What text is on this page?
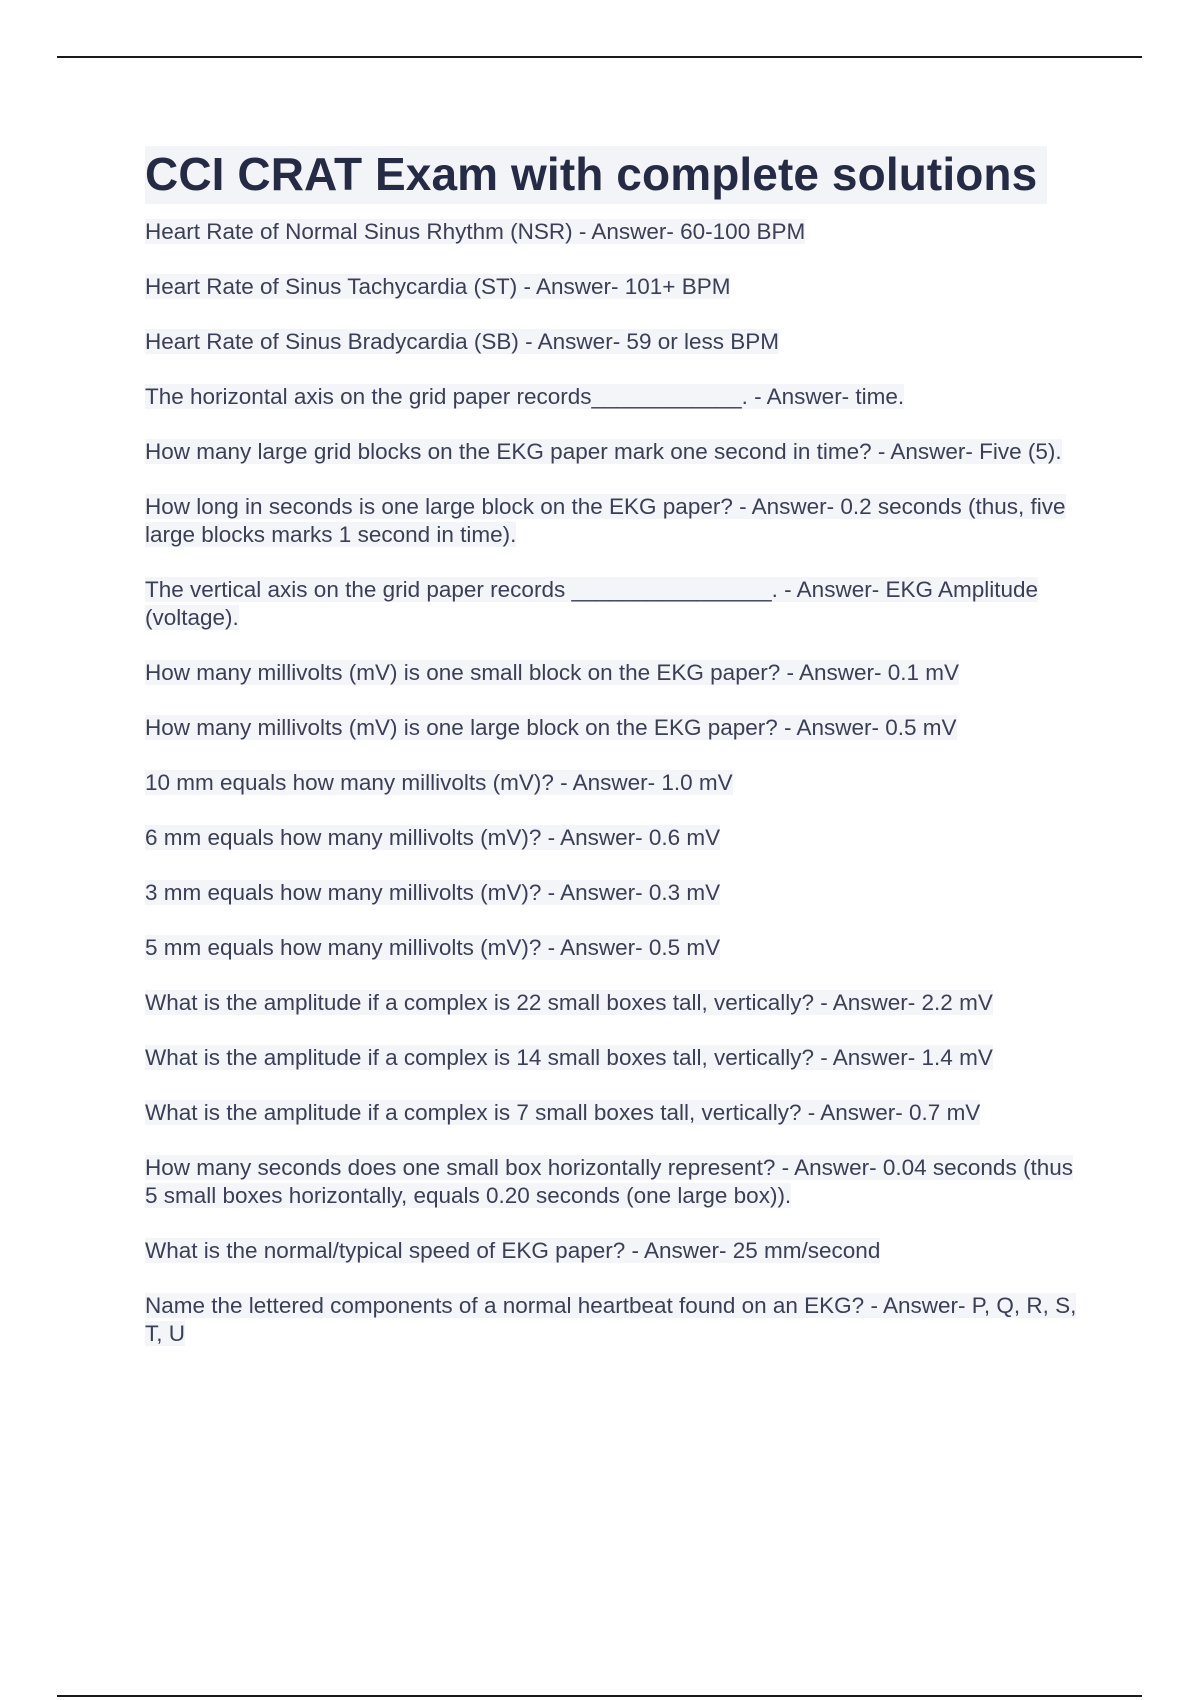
CCI CRAT Exam with complete solutions

Heart Rate of Normal Sinus Rhythm (NSR) - Answer- 60-100 BPM

Heart Rate of Sinus Tachycardia (ST) - Answer- 101+ BPM

Heart Rate of Sinus Bradycardia (SB) - Answer- 59 or less BPM

The horizontal axis on the grid paper records____________. - Answer- time.

How many large grid blocks on the EKG paper mark one second in time? - Answer- Five (5).

How long in seconds is one large block on the EKG paper? - Answer- 0.2 seconds (thus, five large blocks marks 1 second in time).

The vertical axis on the grid paper records ________________. - Answer- EKG Amplitude (voltage).

How many millivolts (mV) is one small block on the EKG paper? - Answer- 0.1 mV

How many millivolts (mV) is one large block on the EKG paper? - Answer- 0.5 mV

10 mm equals how many millivolts (mV)? - Answer- 1.0 mV

6 mm equals how many millivolts (mV)? - Answer- 0.6 mV

3 mm equals how many millivolts (mV)? - Answer- 0.3 mV

5 mm equals how many millivolts (mV)? - Answer- 0.5 mV

What is the amplitude if a complex is 22 small boxes tall, vertically? - Answer- 2.2 mV

What is the amplitude if a complex is 14 small boxes tall, vertically? - Answer- 1.4 mV

What is the amplitude if a complex is 7 small boxes tall, vertically? - Answer- 0.7 mV

How many seconds does one small box horizontally represent? - Answer- 0.04 seconds (thus 5 small boxes horizontally, equals 0.20 seconds (one large box)).

What is the normal/typical speed of EKG paper? - Answer- 25 mm/second

Name the lettered components of a normal heartbeat found on an EKG? - Answer- P, Q, R, S, T, U
